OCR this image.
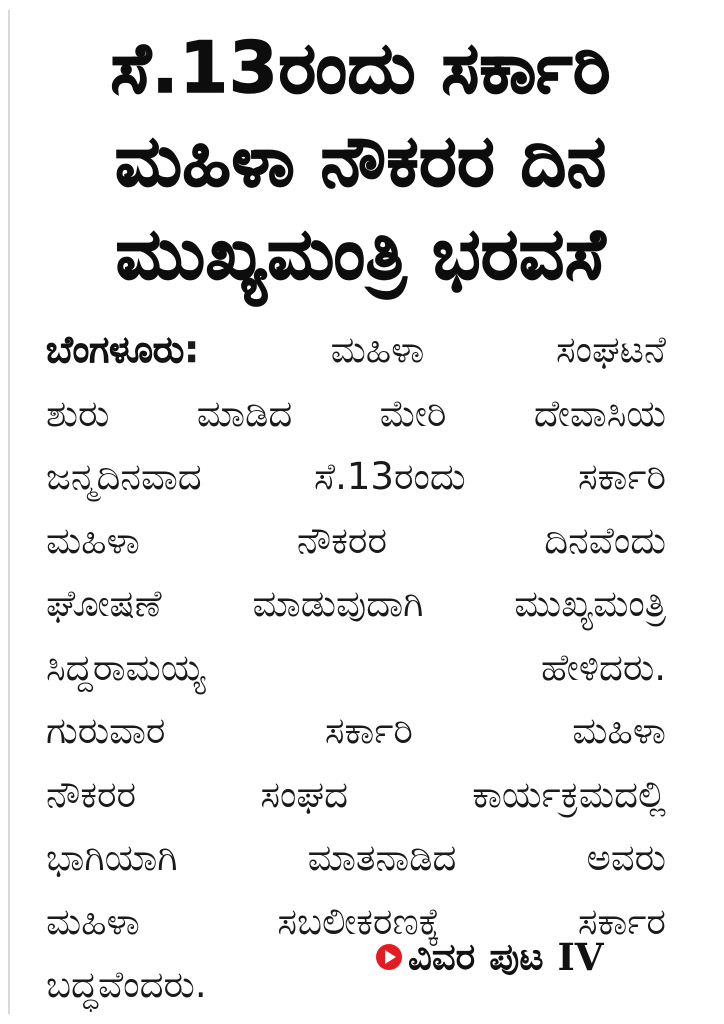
ಸೆ.13ರಂದು ಸರ್ಕಾರಿ
ಮಹಿಳಾ ನೌಕರರ ದಿನ
ಮುಖ್ಯಮಂತ್ರಿ ಭರವಸೆ
ಬೆಂಗಳೂರು:	ಮಹಿಳಾ	ಸಂಘಟನೆ
ಶುರು ಮಾಡಿದ ಮೇರಿ ದೇವಾಸಿಯ
ಜನ್ಮದಿನವಾದ	ಸೆ.13ರಂದು	ಸರ್ಕಾರಿ
ಮಹಿಳಾ	ನೌಕರರ	ದಿನವೆಂದು
ಘೋಷಣೆ ಮಾಡುವುದಾಗಿ ಮುಖ್ಯಮಂತ್ರಿ
ಸಿದ್ದರಾಮಯ್ಯ	ಹೇಳಿದರು.
ಗುರುವಾರ	ಸರ್ಕಾರಿ	ಮಹಿಳಾ
ನೌಕರರ	ಸಂಘದ	ಕಾರ್ಯಕ್ರಮದಲ್ಲಿ
ಭಾಗಿಯಾಗಿ	ಮಾತನಾಡಿದ	ಅವರು
ಮಹಿಳಾ	ಸಬಲೀಕರಣಕ್ಕೆ	ಸರ್ಕಾರ
ಬದ್ಧವೆಂದರು.
ವಿವರ ಪುಟ IV
